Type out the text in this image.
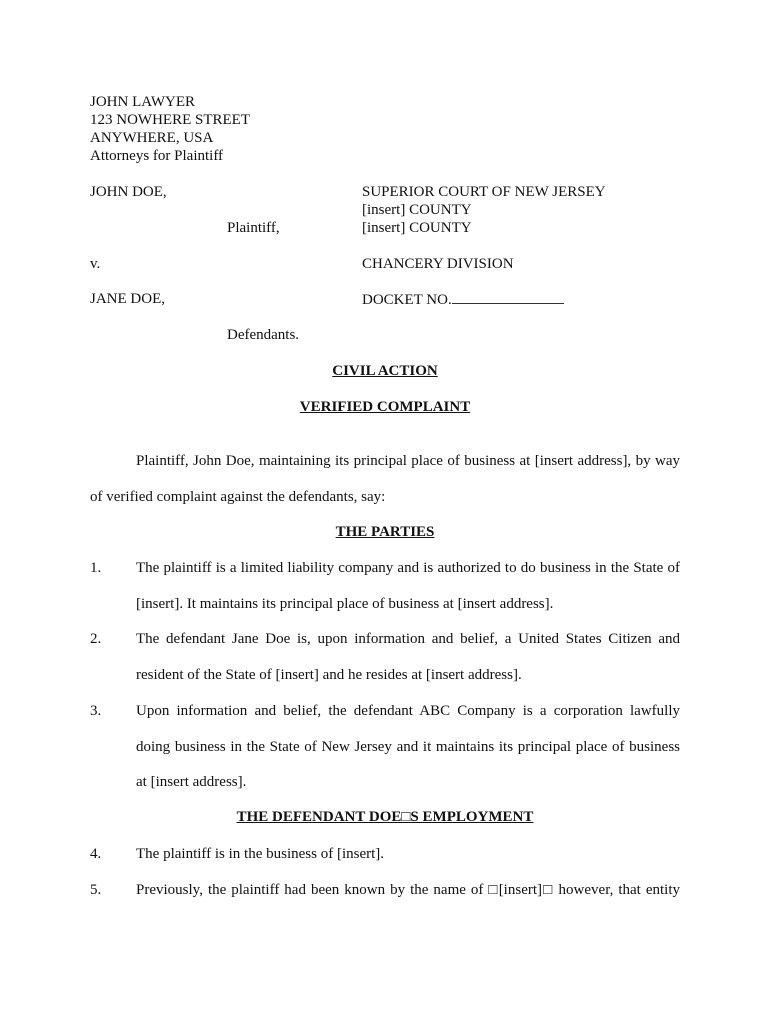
JOHN LAWYER
123 NOWHERE STREET
ANYWHERE, USA
Attorneys for Plaintiff
JOHN DOE,
Plaintiff,
v.
JANE DOE,
Defendants.
SUPERIOR COURT OF NEW JERSEY
[insert] COUNTY
[insert] COUNTY
CHANCERY DIVISION
DOCKET NO.
CIVIL ACTION
VERIFIED COMPLAINT
Plaintiff, John Doe, maintaining its principal place of business at [insert address], by way
of verified complaint against the defendants, say:
THE PARTIES
1. The plaintiff is a limited liability company and is authorized to do business in the State of
[insert]. It maintains its principal place of business at [insert address].
2. The defendant Jane Doe is, upon information and belief, a United States Citizen and
resident of the State of [insert] and he resides at [insert address].
3. Upon information and belief, the defendant ABC Company is a corporation lawfully
doing business in the State of New Jersey and it maintains its principal place of business
at [insert address].
THE DEFENDANT DOE□S EMPLOYMENT
4. The plaintiff is in the business of [insert].
5. Previously, the plaintiff had been known by the name of □[insert]□ however, that entity
